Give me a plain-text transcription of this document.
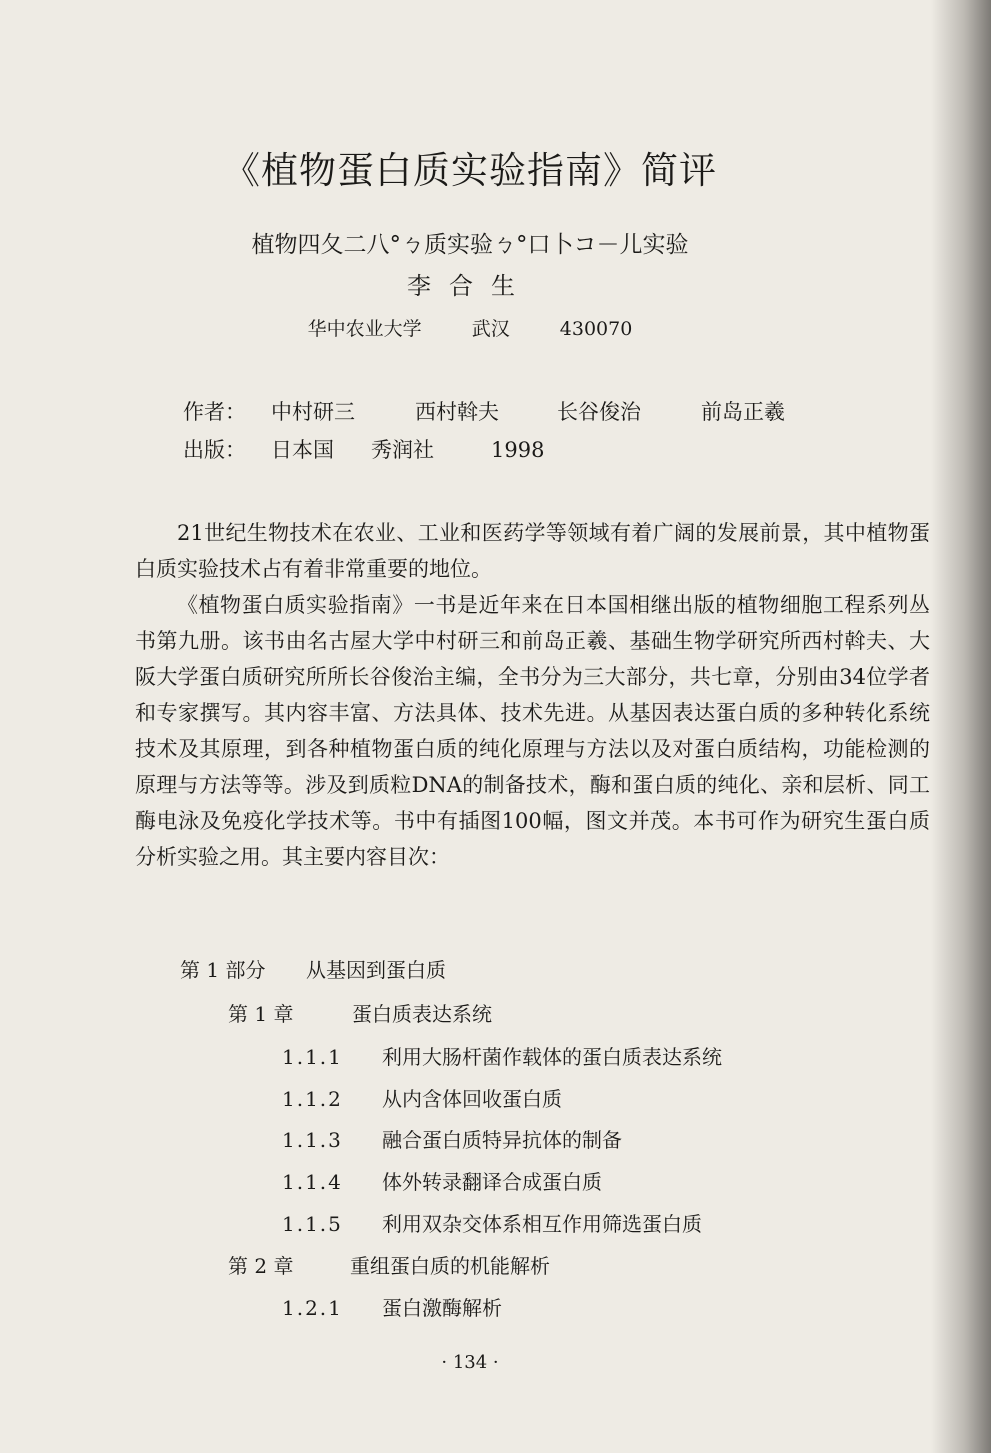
《植物蛋白质实验指南》简评
植物四夂二八°ㄅ质实验ㄅ°口卜コ－儿实验
李合生
华中农业大学	武汉	430070
作者： 中村研三	西村斡夫	长谷俊治	前岛正羲
出版： 日本国 秀润社	1998

21世纪生物技术在农业、工业和医药学等领域有着广阔的发展前景，其中植物蛋白质实验技术占有着非常重要的地位。

《植物蛋白质实验指南》一书是近年来在日本国相继出版的植物细胞工程系列丛书第九册。该书由名古屋大学中村研三和前岛正羲、基础生物学研究所西村斡夫、大阪大学蛋白质研究所所长谷俊治主编，全书分为三大部分，共七章，分别由34位学者和专家撰写。其内容丰富、方法具体、技术先进。从基因表达蛋白质的多种转化系统技术及其原理，到各种植物蛋白质的纯化原理与方法以及对蛋白质结构，功能检测的原理与方法等等。涉及到质粒DNA的制备技术，酶和蛋白质的纯化、亲和层析、同工酶电泳及免疫化学技术等。书中有插图100幅，图文并茂。本书可作为研究生蛋白质分析实验之用。其主要内容目次：

第 1 部分 从基因到蛋白质
第 1 章	蛋白质表达系统
1.1.1 利用大肠杆菌作载体的蛋白质表达系统
1.1.2 从内含体回收蛋白质
1.1.3 融合蛋白质特异抗体的制备
1.1.4 体外转录翻译合成蛋白质
1.1.5 利用双杂交体系相互作用筛选蛋白质
第 2 章	重组蛋白质的机能解析
1.2.1 蛋白激酶解析
· 134 ·
